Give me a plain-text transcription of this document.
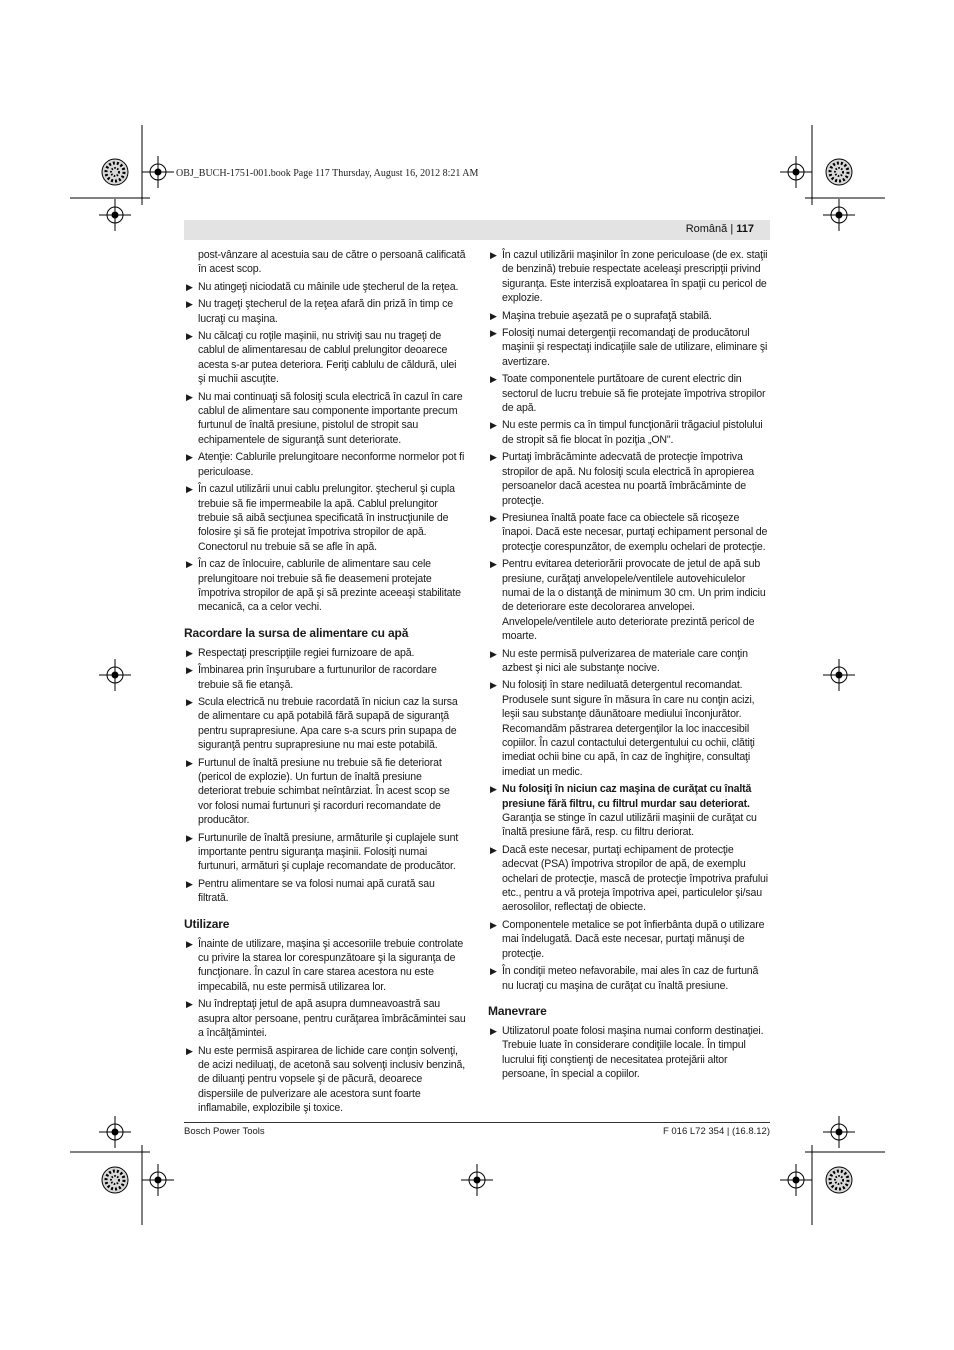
OBJ_BUCH-1751-001.book Page 117 Thursday, August 16, 2012 8:21 AM
Română | 117

post-vânzare al acestuia sau de către o persoană calificată în acest scop.

▶ Nu atingeţi niciodată cu mâinile ude ştecherul de la reţea.
▶ Nu trageţi ştecherul de la reţea afară din priză în timp ce lucraţi cu maşina.
▶ Nu călcaţi cu roţile maşinii, nu striviţi sau nu trageţi de cablul de alimentaresau de cablul prelungitor deoarece acesta s-ar putea deteriora. Feriţi cablulu de căldură, ulei şi muchii ascuţite.
▶ Nu mai continuaţi să folosiţi scula electrică în cazul în care cablul de alimentare sau componente importante precum furtunul de înaltă presiune, pistolul de stropit sau echipamentele de siguranţă sunt deteriorate.
▶ Atenţie: Cablurile prelungitoare neconforme normelor pot fi periculoase.
▶ În cazul utilizării unui cablu prelungitor. ştecherul şi cupla trebuie să fie impermeabile la apă. Cablul prelungitor trebuie să aibă secţiunea specificată în instrucţiunile de folosire şi să fie protejat împotriva stropilor de apă. Conectorul nu trebuie să se afle în apă.
▶ În caz de înlocuire, cablurile de alimentare sau cele prelungitoare noi trebuie să fie deasemeni protejate împotriva stropilor de apă şi să prezinte aceeaşi stabilitate mecanică, ca a celor vechi.
Racordare la sursa de alimentare cu apă
▶ Respectaţi prescripţiile regiei furnizoare de apă.
▶ Îmbinarea prin înşurubare a furtunurilor de racordare trebuie să fie etanşă.
▶ Scula electrică nu trebuie racordată în niciun caz la sursa de alimentare cu apă potabilă fără supapă de siguranţă pentru suprapresiune. Apa care s-a scurs prin supapa de siguranţă pentru suprapresiune nu mai este potabilă.
▶ Furtunul de înaltă presiune nu trebuie să fie deteriorat (pericol de explozie). Un furtun de înaltă presiune deteriorat trebuie schimbat neîntârziat. În acest scop se vor folosi numai furtunuri şi racorduri recomandate de producător.
▶ Furtunurile de înaltă presiune, armăturile şi cuplajele sunt importante pentru siguranţa maşinii. Folosiţi numai furtunuri, armături şi cuplaje recomandate de producător.
▶ Pentru alimentare se va folosi numai apă curată sau filtrată.
Utilizare
▶ Înainte de utilizare, maşina şi accesoriile trebuie controlate cu privire la starea lor corespunzătoare şi la siguranţa de funcţionare. În cazul în care starea acestora nu este impecabilă, nu este permisă utilizarea lor.
▶ Nu îndreptaţi jetul de apă asupra dumneavoastră sau asupra altor persoane, pentru curăţarea îmbrăcămintei sau a încălţămintei.
▶ Nu este permisă aspirarea de lichide care conţin solvenţi, de acizi nediluaţi, de acetonă sau solvenţi inclusiv benzină, de diluanţi pentru vopsele şi de păcură, deoarece dispersiile de pulverizare ale acestora sunt foarte inflamabile, explozibile şi toxice.
▶ În cazul utilizării maşinilor în zone periculoase (de ex. staţii de benzină) trebuie respectate aceleaşi prescripţii privind siguranţa. Este interzisă exploatarea în spaţii cu pericol de explozie.
▶ Maşina trebuie aşezată pe o suprafaţă stabilă.
▶ Folosiţi numai detergenţii recomandaţi de producătorul maşinii şi respectaţi indicaţiile sale de utilizare, eliminare şi avertizare.
▶ Toate componentele purtătoare de curent electric din sectorul de lucru trebuie să fie protejate împotriva stropilor de apă.
▶ Nu este permis ca în timpul funcţionării trăgaciul pistolului de stropit să fie blocat în poziţia „ON".
▶ Purtaţi îmbrăcăminte adecvată de protecţie împotriva stropilor de apă. Nu folosiţi scula electrică în apropierea persoanelor dacă acestea nu poartă îmbrăcăminte de protecţie.
▶ Presiunea înaltă poate face ca obiectele să ricoşeze înapoi. Dacă este necesar, purtaţi echipament personal de protecţie corespunzător, de exemplu ochelari de protecţie.
▶ Pentru evitarea deteriorării provocate de jetul de apă sub presiune, curăţaţi anvelopele/ventilele autovehiculelor numai de la o distanţă de minimum 30 cm. Un prim indiciu de deteriorare este decolorarea anvelopei. Anvelopele/ventilele auto deteriorate prezintă pericol de moarte.
▶ Nu este permisă pulverizarea de materiale care conţin azbest şi nici ale substanţe nocive.
▶ Nu folosiţi în stare nediluată detergentul recomandat. Produsele sunt sigure în măsura în care nu conţin acizi, leşii sau substanţe dăunătoare mediului înconjurător. Recomandăm păstrarea detergenţilor la loc inaccesibil copiilor. În cazul contactului detergentului cu ochii, clătiţi imediat ochii bine cu apă, în caz de înghiţire, consultaţi imediat un medic.
▶ Nu folosiţi în niciun caz maşina de curăţat cu înaltă presiune fără filtru, cu filtrul murdar sau deteriorat.
Garanţia se stinge în cazul utilizării maşinii de curăţat cu înaltă presiune fără, resp. cu filtru deriorat.
▶ Dacă este necesar, purtaţi echipament de protecţie adecvat (PSA) împotriva stropilor de apă, de exemplu ochelari de protecţie, mască de protecţie împotriva prafului etc., pentru a vă proteja împotriva apei, particulelor şi/sau aerosolilor, reflectaţi de obiecte.
▶ Componentele metalice se pot înfierbânta după o utilizare mai îndelugată. Dacă este necesar, purtaţi mănuşi de protecţie.
▶ În condiţii meteo nefavorabile, mai ales în caz de furtună nu lucraţi cu maşina de curăţat cu înaltă presiune.
Manevrare
▶ Utilizatorul poate folosi maşina numai conform destinaţiei. Trebuie luate în considerare condiţiile locale. În timpul lucrului fiţi conştienţi de necesitatea protejării altor persoane, în special a copiilor.
Bosch Power Tools	F 016 L72 354 | (16.8.12)
